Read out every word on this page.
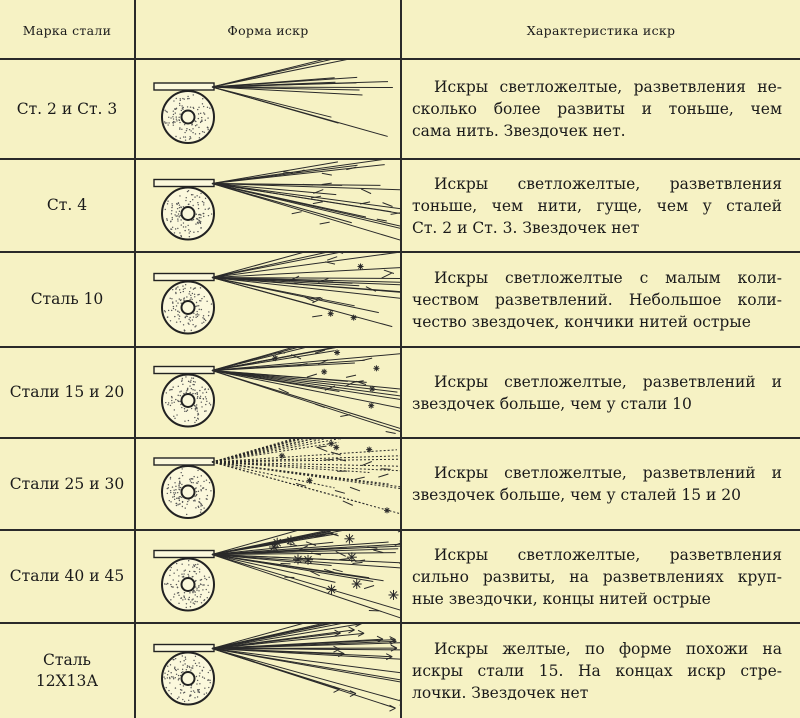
Марка стали	Форма искр	Характеристика искр
Ст. 2 и Ст. 3
Искры светложелтые, разветвления не-
сколько более развиты и тоньше, чем
сама нить. Звездочек нет.
Ст. 4
Искры светложелтые, разветвления
тоньше, чем нити, гуще, чем у сталей
Ст. 2 и Ст. 3. Звездочек нет
Сталь 10
Искры светложелтые с малым коли-
чеством разветвлений. Небольшое коли-
чество звездочек, кончики нитей острые
Стали 15 и 20
Искры светложелтые, разветвлений и
звездочек больше, чем у стали 10
Стали 25 и 30
Искры светложелтые, разветвлений и
звездочек больше, чем у сталей 15 и 20
Стали 40 и 45
Искры светложелтые, разветвления
сильно развиты, на разветвлениях круп-
ные звездочки, концы нитей острые
Сталь
12Х13А
Искры желтые, по форме похожи на
искры стали 15. На концах искр стре-
лочки. Звездочек нет
